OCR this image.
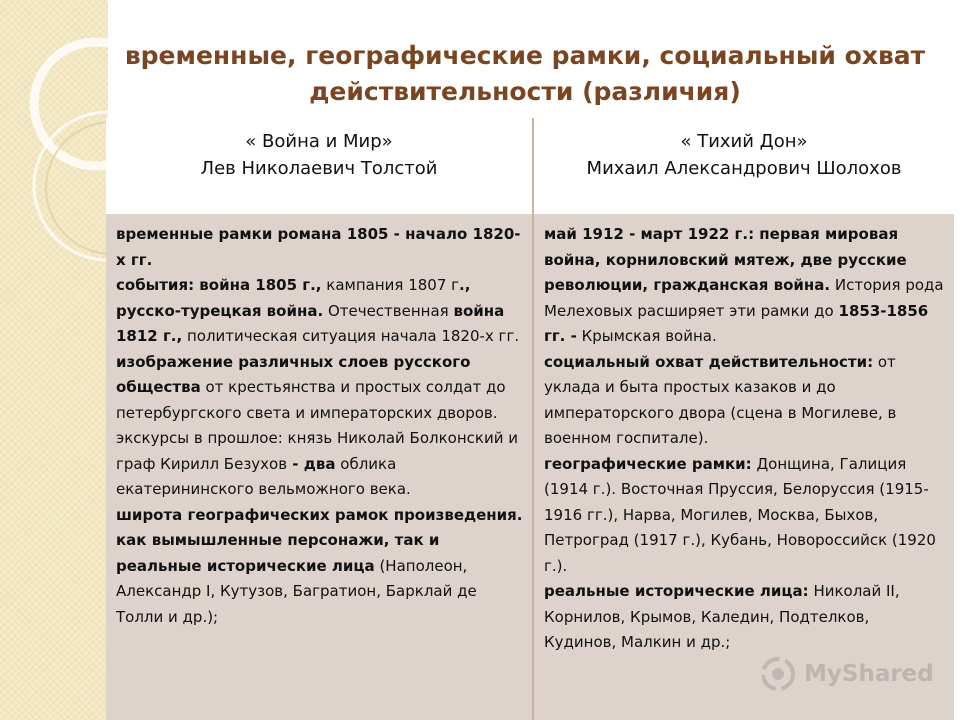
временные, географические рамки, социальный охват
действительности (различия)
« Война и Мир»
Лев Николаевич Толстой
« Тихий Дон»
Михаил Александрович Шолохов

временные рамки романа 1805 - начало 1820-х гг.

события: война 1805 г., кампания 1807 г., русско-турецкая война. Отечественная война 1812 г., политическая ситуация начала 1820-х гг.

изображение различных слоев русского общества от крестьянства и простых солдат до петербургского света и императорских дворов. экскурсы в прошлое: князь Николай Болконский и граф Кирилл Безухов - два облика екатерининского вельможного века.

широта географических рамок произведения.

как вымышленные персонажи, так и реальные исторические лица (Наполеон, Александр I, Кутузов, Багратион, Барклай де Толли и др.);

май 1912 - март 1922 г.: первая мировая война, корниловский мятеж, две русские революции, гражданская война. История рода Мелеховых расширяет эти рамки до 1853-1856 гг. - Крымская война.

социальный охват действительности: от уклада и быта простых казаков и до императорского двора (сцена в Могилеве, в военном госпитале).

географические рамки: Донщина, Галиция (1914 г.). Восточная Пруссия, Белоруссия (1915- 1916 гг.), Нарва, Могилев, Москва, Быхов, Петроград (1917 г.), Кубань, Новороссийск (1920 г.).

реальные исторические лица: Николай II, Корнилов, Крымов, Каледин, Подтелков, Кудинов, Малкин и др.;

MyShared
